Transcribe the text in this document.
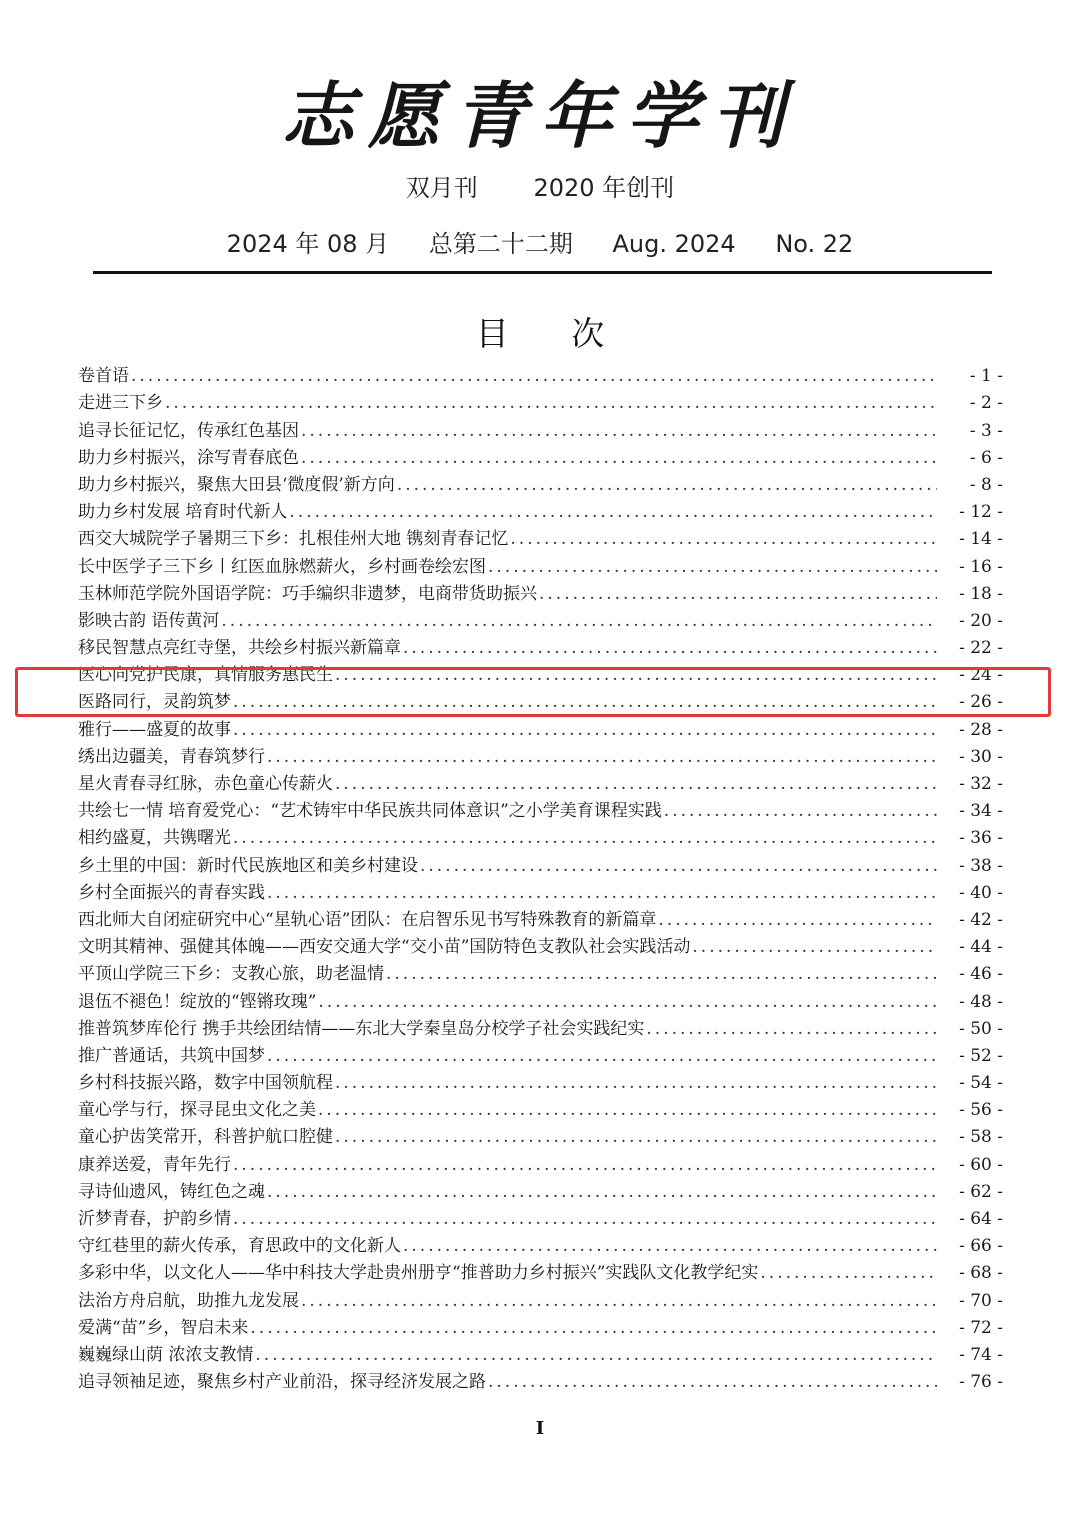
志愿青年学刊
双月刊 2020 年创刊
2024 年 08 月 总第二十二期 Aug. 2024 No. 22
目 次
卷首语 .....	- 1 -
走进三下乡 .....	- 2 -
追寻长征记忆，传承红色基因 .....	- 3 -
助力乡村振兴，涂写青春底色 .....	- 6 -
助力乡村振兴，聚焦大田县‘微度假’新方向 .....	- 8 -
助力乡村发展 培育时代新人 .....	- 12 -
西交大城院学子暑期三下乡：扎根佳州大地 镌刻青春记忆 .....	- 14 -
长中医学子三下乡丨红医血脉燃薪火，乡村画卷绘宏图 .....	- 16 -
玉林师范学院外国语学院：巧手编织非遗梦，电商带货助振兴 .....	- 18 -
影映古韵 语传黄河 .....	- 20 -
移民智慧点亮红寺堡，共绘乡村振兴新篇章 .....	- 22 -
医心向党护民康，真情服务惠民生 .....	- 24 -
医路同行，灵韵筑梦 .....	- 26 -
雅行——盛夏的故事 .....	- 28 -
绣出边疆美，青春筑梦行 .....	- 30 -
星火青春寻红脉，赤色童心传薪火 .....	- 32 -
共绘七一情 培育爱党心：“艺术铸牢中华民族共同体意识”之小学美育课程实践 .....	- 34 -
相约盛夏，共镌曙光 .....	- 36 -
乡土里的中国：新时代民族地区和美乡村建设 .....	- 38 -
乡村全面振兴的青春实践 .....	- 40 -
西北师大自闭症研究中心“星轨心语”团队：在启智乐见书写特殊教育的新篇章 .....	- 42 -
文明其精神、强健其体魄——西安交通大学“交小苗”国防特色支教队社会实践活动 .....	- 44 -
平顶山学院三下乡：支教心旅，助老温情 .....	- 46 -
退伍不褪色！绽放的“铿锵玫瑰” .....	- 48 -
推普筑梦库伦行 携手共绘团结情——东北大学秦皇岛分校学子社会实践纪实 .....	- 50 -
推广普通话，共筑中国梦 .....	- 52 -
乡村科技振兴路，数字中国领航程 .....	- 54 -
童心学与行，探寻昆虫文化之美 .....	- 56 -
童心护齿笑常开，科普护航口腔健 .....	- 58 -
康养送爱，青年先行 .....	- 60 -
寻诗仙遗风，铸红色之魂 .....	- 62 -
沂梦青春，护韵乡情 .....	- 64 -
守红巷里的薪火传承，育思政中的文化新人 .....	- 66 -
多彩中华，以文化人——华中科技大学赴贵州册亨“推普助力乡村振兴”实践队文化教学纪实 .....	- 68 -
法治方舟启航，助推九龙发展 .....	- 70 -
爱满“苗”乡，智启未来 .....	- 72 -
巍巍绿山荫 浓浓支教情 .....	- 74 -
追寻领袖足迹，聚焦乡村产业前沿，探寻经济发展之路 .....	- 76 -
I
